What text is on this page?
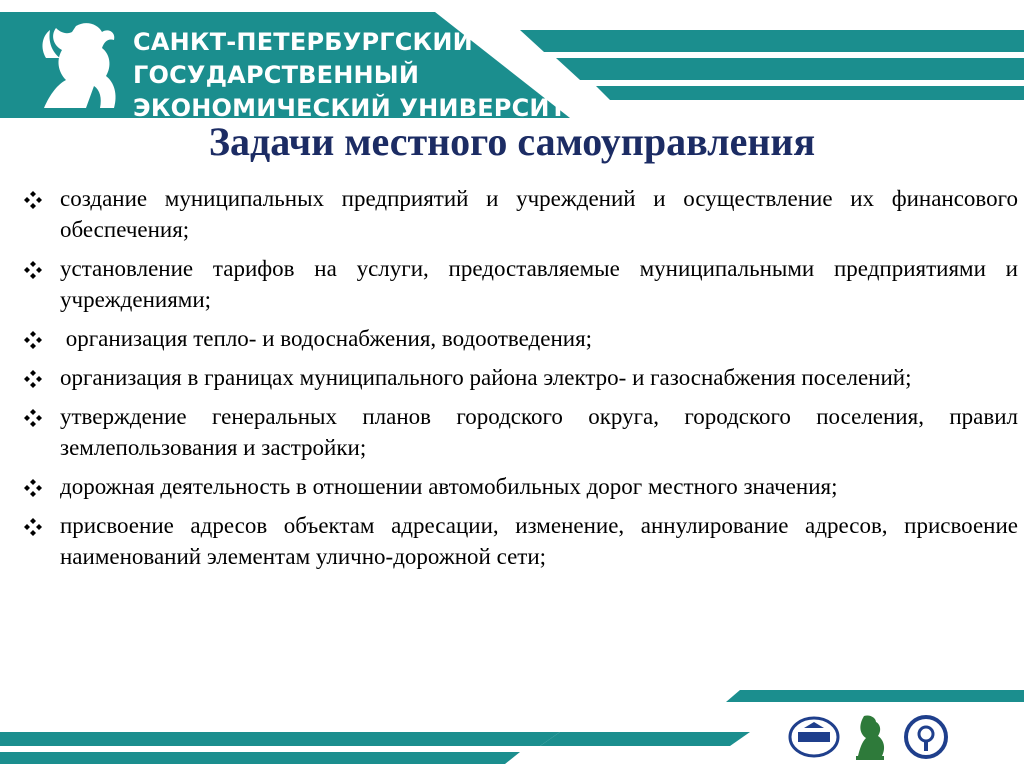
САНКТ-ПЕТЕРБУРГСКИЙ
ГОСУДАРСТВЕННЫЙ
ЭКОНОМИЧЕСКИЙ УНИВЕРСИТЕТ
Задачи местного самоуправления
создание муниципальных предприятий и учреждений и осуществление их финансового обеспечения;
установление тарифов на услуги, предоставляемые муниципальными предприятиями и учреждениями;
организация тепло- и водоснабжения, водоотведения;
организация в границах муниципального района электро- и газоснабжения поселений;
утверждение генеральных планов городского округа, городского поселения, правил землепользования и застройки;
дорожная деятельность в отношении автомобильных дорог местного значения;
присвоение адресов объектам адресации, изменение, аннулирование адресов, присвоение наименований элементам улично-дорожной сети;
